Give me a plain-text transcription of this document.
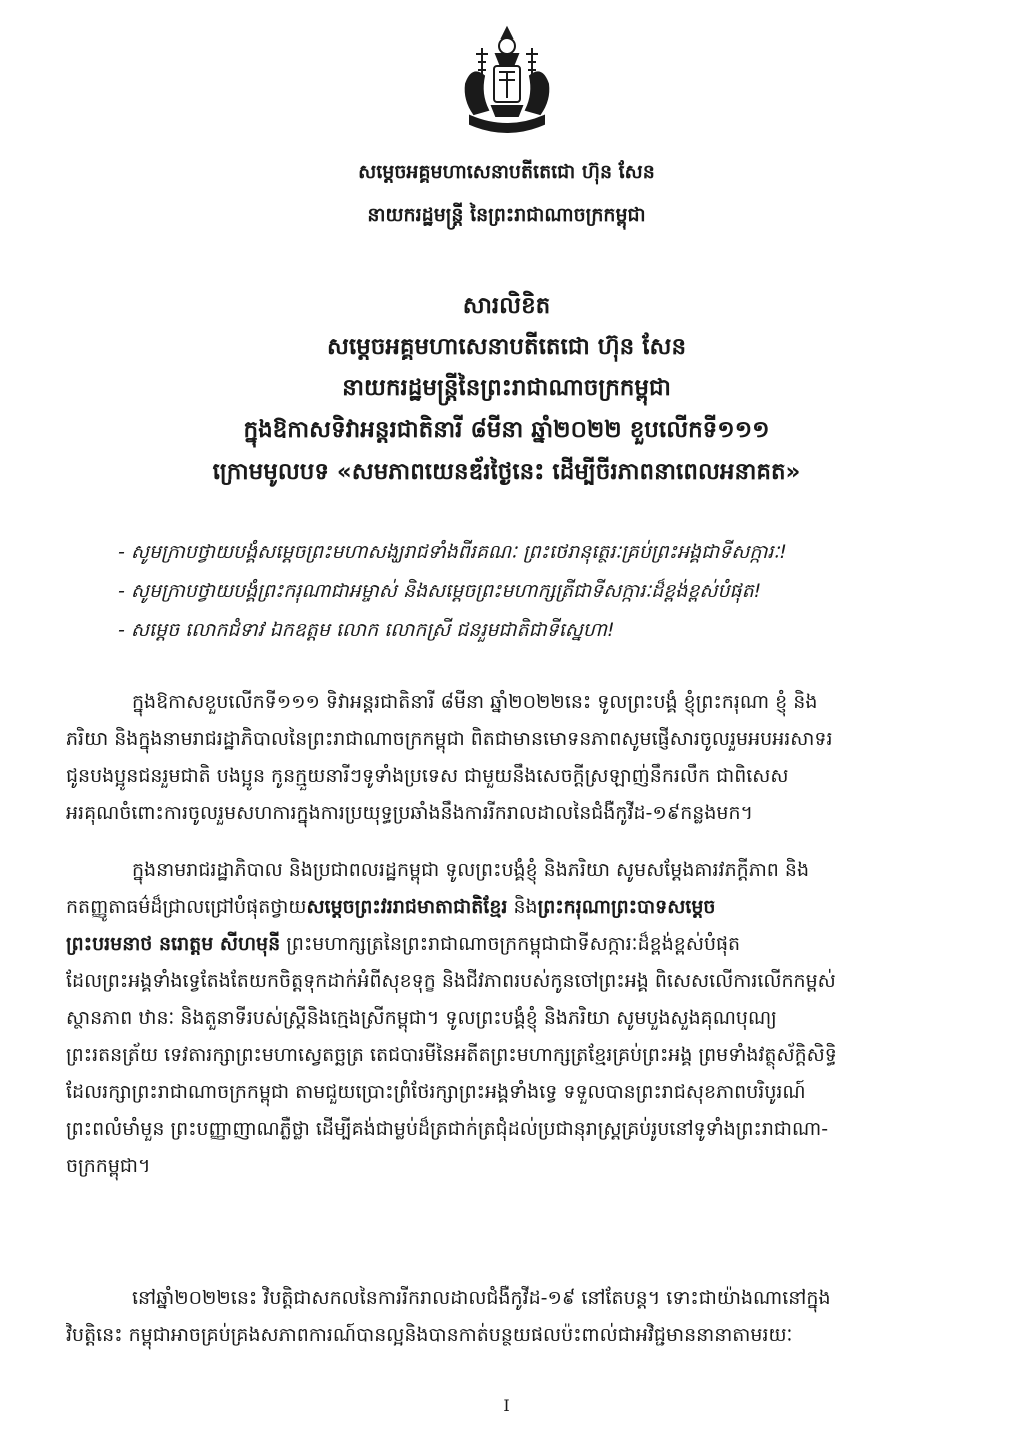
សម្តេចអគ្គមហាសេនាបតីតេជោ ហ៊ុន សែន
នាយករដ្ឋមន្ត្រី នៃព្រះរាជាណាចក្រកម្ពុជា
សារលិខិត
សម្តេចអគ្គមហាសេនាបតីតេជោ ហ៊ុន សែន
នាយករដ្ឋមន្ត្រីនៃព្រះរាជាណាចក្រកម្ពុជា
ក្នុងឱកាសទិវាអន្តរជាតិនារី ៨មីនា ឆ្នាំ២០២២ ខួបលើកទី១១១
ក្រោមមូលបទ «សមភាពយេនឌ័រថ្ងៃនេះ ដើម្បីចីរភាពនាពេលអនាគត»
- សូមក្រាបថ្វាយបង្គំសម្តេចព្រះមហាសង្ឃរាជទាំងពីរគណៈ ព្រះថេរានុត្ថេរៈគ្រប់ព្រះអង្គជាទីសក្ការៈ!
- សូមក្រាបថ្វាយបង្គំព្រះករុណាជាអម្ចាស់ និងសម្តេចព្រះមហាក្សត្រីជាទីសក្ការៈដ៏ខ្ពង់ខ្ពស់បំផុត!
- សម្តេច លោកជំទាវ ឯកឧត្តម លោក លោកស្រី ជនរួមជាតិជាទីស្នេហា!
ក្នុងឱកាសខួបលើកទី១១១ ទិវាអន្តរជាតិនារី ៨មីនា ឆ្នាំ២០២២នេះ ទូលព្រះបង្គំ ខ្ញុំព្រះករុណា ខ្ញុំ និង
ភរិយា និងក្នុងនាមរាជរដ្ឋាភិបាលនៃព្រះរាជាណាចក្រកម្ពុជា ពិតជាមានមោទនភាពសូមផ្ញើសារចូលរួមអបអរសាទរ
ជូនបងប្អូនជនរួមជាតិ បងប្អូន កូនក្មួយនារីៗទូទាំងប្រទេស ជាមួយនឹងសេចក្តីស្រឡាញ់នឹករលឹក ជាពិសេស
អរគុណចំពោះការចូលរួមសហការក្នុងការប្រយុទ្ធប្រឆាំងនឹងការរីករាលដាលនៃជំងឺកូវីដ-១៩កន្លងមក។
ក្នុងនាមរាជរដ្ឋាភិបាល និងប្រជាពលរដ្ឋកម្ពុជា ទូលព្រះបង្គំខ្ញុំ និងភរិយា សូមសម្តែងគារវភក្តីភាព និង
កតញ្ញូតាធម៌ដ៏ជ្រាលជ្រៅបំផុតថ្វាយសម្តេចព្រះវររាជមាតាជាតិខ្មែរ និងព្រះករុណាព្រះបាទសម្តេច
ព្រះបរមនាថ នរោត្តម សីហមុនី ព្រះមហាក្សត្រនៃព្រះរាជាណាចក្រកម្ពុជាជាទីសក្ការៈដ៏ខ្ពង់ខ្ពស់បំផុត
ដែលព្រះអង្គទាំងទ្វេតែងតែយកចិត្តទុកដាក់អំពីសុខទុក្ខ និងជីវភាពរបស់កូនចៅព្រះអង្គ ពិសេសលើការលើកកម្ពស់
ស្ថានភាព ឋានៈ និងតួនាទីរបស់ស្ត្រីនិងក្មេងស្រីកម្ពុជា។ ទូលព្រះបង្គំខ្ញុំ និងភរិយា សូមបួងសួងគុណបុណ្យ
ព្រះរតនត្រ័យ ទេវតារក្សាព្រះមហាស្វេតច្ឆត្រ តេជបារមីនៃអតីតព្រះមហាក្សត្រខ្មែរគ្រប់ព្រះអង្គ ព្រមទាំងវត្ថុស័ក្តិសិទ្ធិ
ដែលរក្សាព្រះរាជាណាចក្រកម្ពុជា តាមជួយប្រោះព្រំថែរក្សាព្រះអង្គទាំងទ្វេ ទទួលបានព្រះរាជសុខភាពបរិបូរណ៍
ព្រះពលំមាំមួន ព្រះបញ្ញាញាណភ្លឺថ្លា ដើម្បីគង់ជាម្លប់ដ៏ត្រជាក់ត្រជុំដល់ប្រជានុរាស្ត្រគ្រប់រូបនៅទូទាំងព្រះរាជាណា-
ចក្រកម្ពុជា។
នៅឆ្នាំ២០២២នេះ វិបត្តិជាសកលនៃការរីករាលដាលជំងឺកូវីដ-១៩ នៅតែបន្ត។ ទោះជាយ៉ាងណានៅក្នុង
វិបត្តិនេះ កម្ពុជាអាចគ្រប់គ្រងសភាពការណ៍បានល្អនិងបានកាត់បន្ថយផលប៉ះពាល់ជាអវិជ្ជមាននានាតាមរយៈ
I
